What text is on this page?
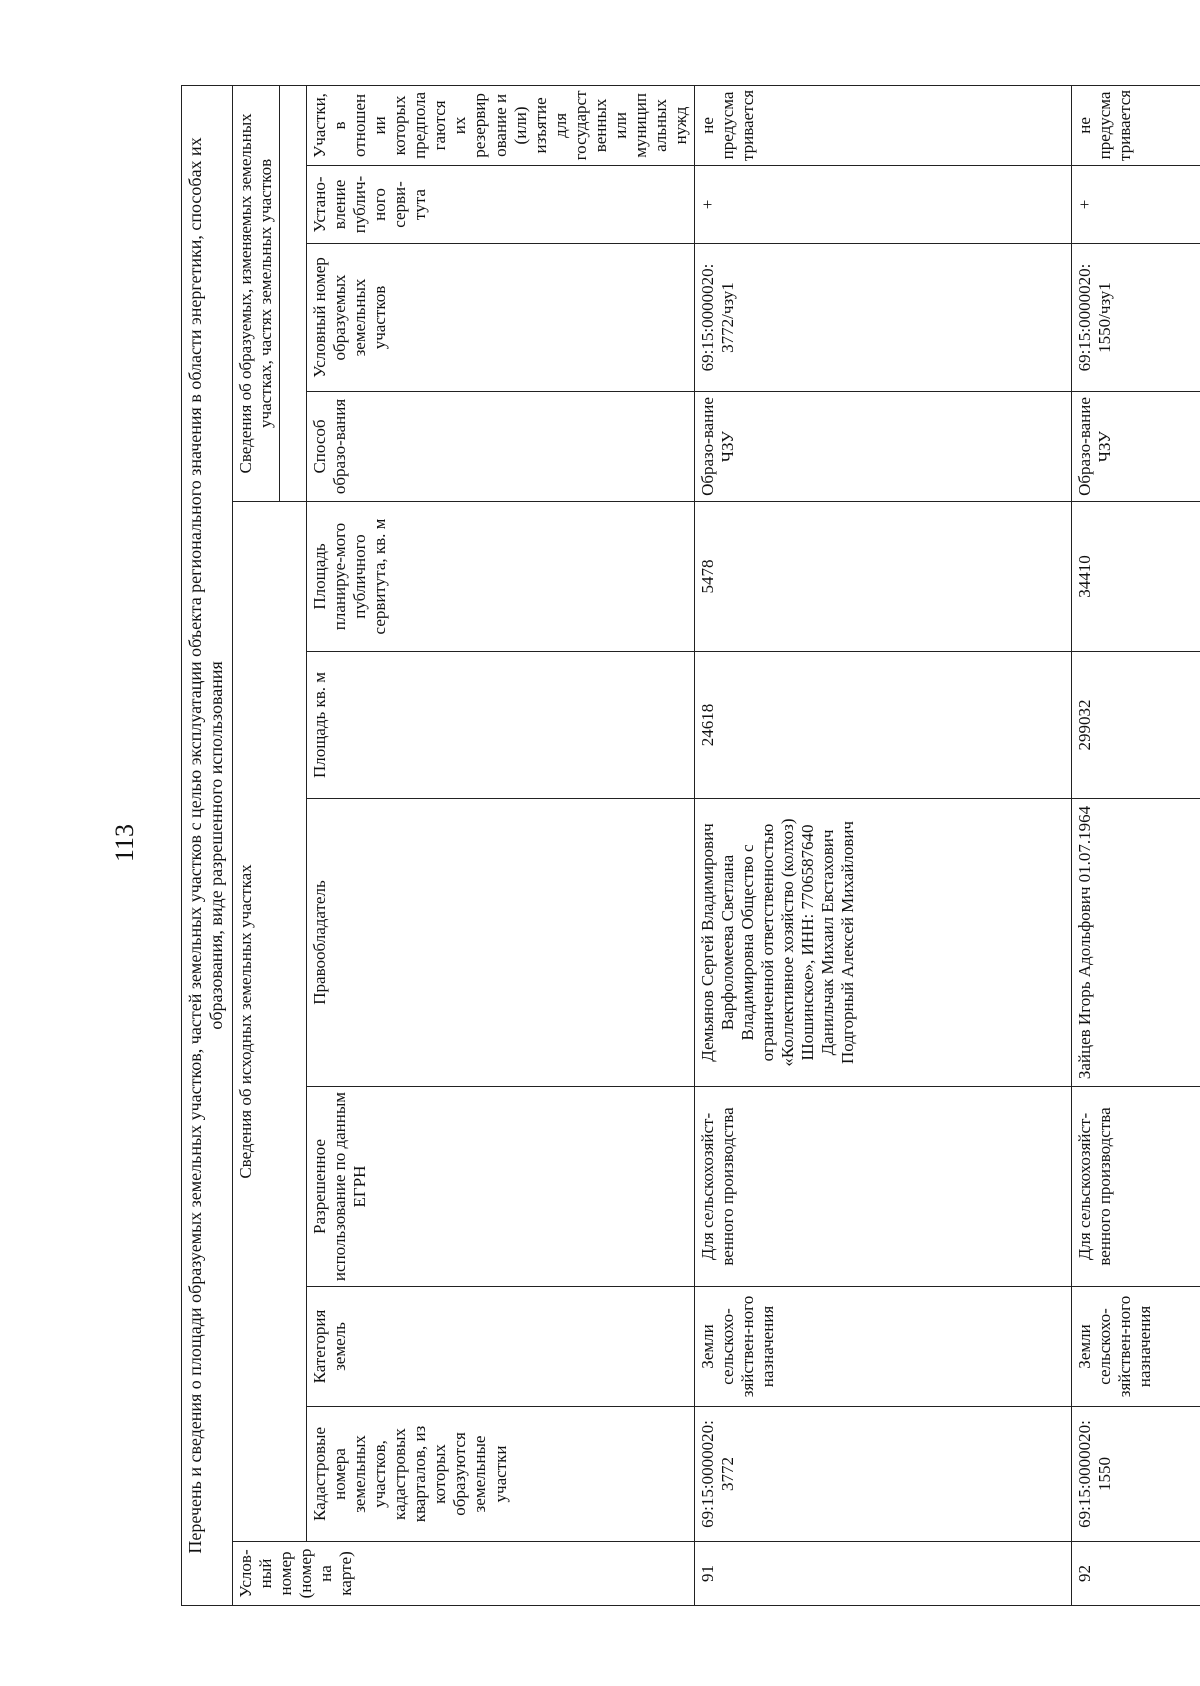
113	Перечень и сведения о площади образуемых земельных участков, частей земельных участков с целью эксплуатации объекта регионального значения в области энергетики, способах их образования, виде разрешенного использования										
Услов-ный номер (номер на карте)	Сведения об исходных земельных участках						Сведения об образуемых, изменяемых земельных участках, частях земельных участков			

	Кадастровые номера земельных участков, кадастровых кварталов, из которых образуются земельные участки	Категория земель	Разрешенное использование по данным ЕГРН	Правообладатель	Площадь кв. м	Площадь планируе-мого публичного сервитута, кв. м	Способ образо-вания	Условный номер образуемых земельных участков	Устано-вление публич-ного серви-тута	Участки, в отношении которых предполагаются их резервирование и (или) изъятие для государственных или муниципальных нужд
91	69:15:0000020: 3772	Земли сельскохо-зяйствен-ного назначения	Для сельскохозяйст-венного производства	Демьянов Сергей Владимирович Варфоломеева Светлана Владимировна Общество с ограниченной ответственностью «Коллективное хозяйство (колхоз) Шошинское», ИНН: 7706587640 Данильчак Михаил Евстахович Подгорный Алексей Михайлович	24618	5478	Образо-вание ЧЗУ	69:15:0000020: 3772/чзу1	+	не предусматривается
92	69:15:0000020: 1550	Земли сельскохо-зяйствен-ного назначения	Для сельскохозяйст-венного производства	Зайцев Игорь Адольфович 01.07.1964	299032	34410	Образо-вание ЧЗУ	69:15:0000020: 1550/чзу1	+	не предусматривается
